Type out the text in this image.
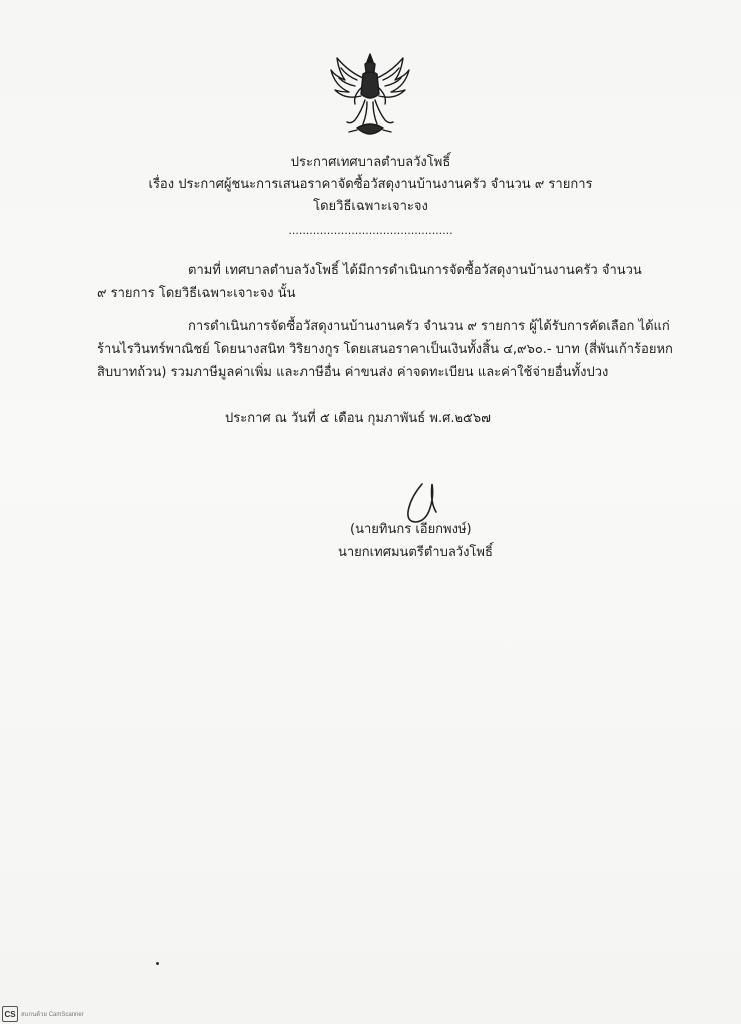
ประกาศเทศบาลตำบลวังโพธิ์
เรื่อง ประกาศผู้ชนะการเสนอราคาจัดซื้อวัสดุงานบ้านงานครัว จำนวน ๙ รายการ
โดยวิธีเฉพาะเจาะจง
...............................................
ตามที่ เทศบาลตำบลวังโพธิ์ ได้มีการดำเนินการจัดซื้อวัสดุงานบ้านงานครัว จำนวน
๙ รายการ โดยวิธีเฉพาะเจาะจง นั้น
การดำเนินการจัดซื้อวัสดุงานบ้านงานครัว จำนวน ๙ รายการ ผู้ได้รับการคัดเลือก ได้แก่
ร้านไรวินทร์พาณิชย์ โดยนางสนิท วิริยางกูร โดยเสนอราคาเป็นเงินทั้งสิ้น ๔,๙๖๐.- บาท (สี่พันเก้าร้อยหก
สิบบาทถ้วน) รวมภาษีมูลค่าเพิ่ม และภาษีอื่น ค่าขนส่ง ค่าจดทะเบียน และค่าใช้จ่ายอื่นทั้งปวง
ประกาศ ณ วันที่ ๕ เดือน กุมภาพันธ์ พ.ศ.๒๕๖๗
(นายทินกร เอียกพงษ์)
นายกเทศมนตรีตำบลวังโพธิ์
CS สแกนด้วย CamScanner
